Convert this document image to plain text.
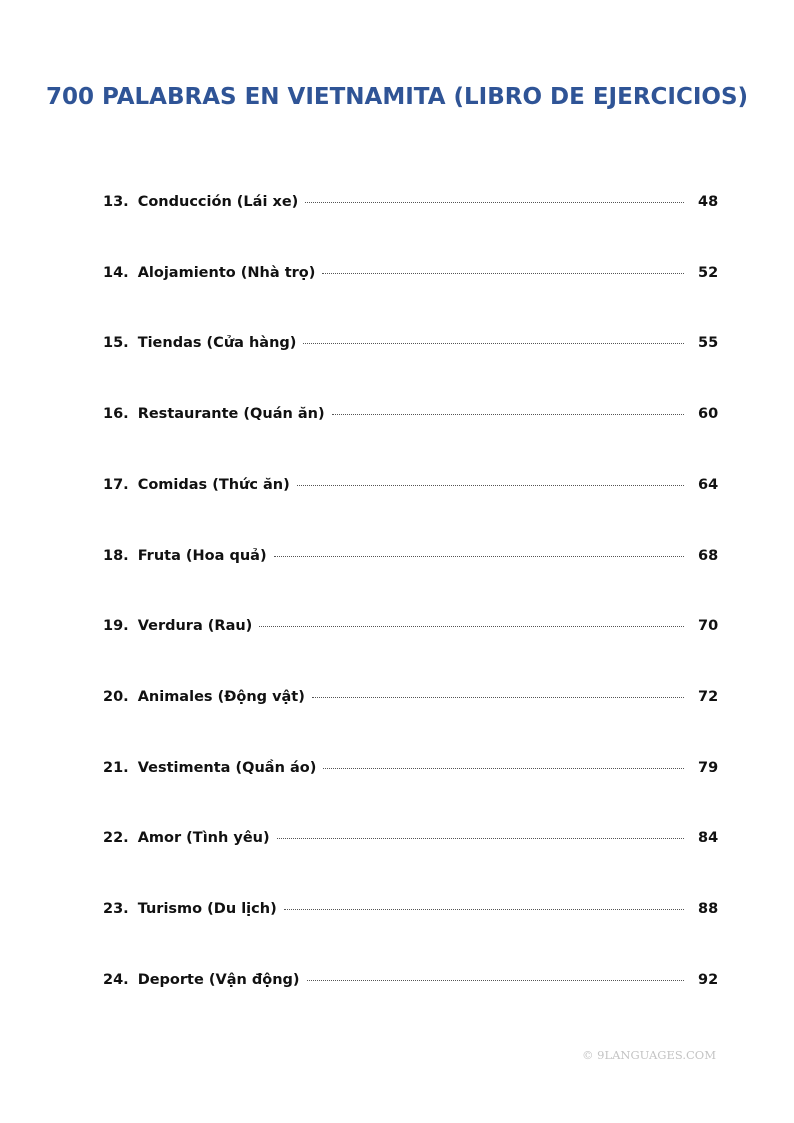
700 PALABRAS EN VIETNAMITA (LIBRO DE EJERCICIOS)
13. Conducción (Lái xe)	48
14. Alojamiento (Nhà trọ)	52
15. Tiendas (Cửa hàng)	55
16. Restaurante (Quán ăn)	60
17. Comidas (Thức ăn)	64
18. Fruta (Hoa quả)	68
19. Verdura (Rau)	70
20. Animales (Động vật)	72
21. Vestimenta (Quần áo)	79
22. Amor (Tình yêu)	84
23. Turismo (Du lịch)	88
24. Deporte (Vận động)	92
© 9LANGUAGES.COM
